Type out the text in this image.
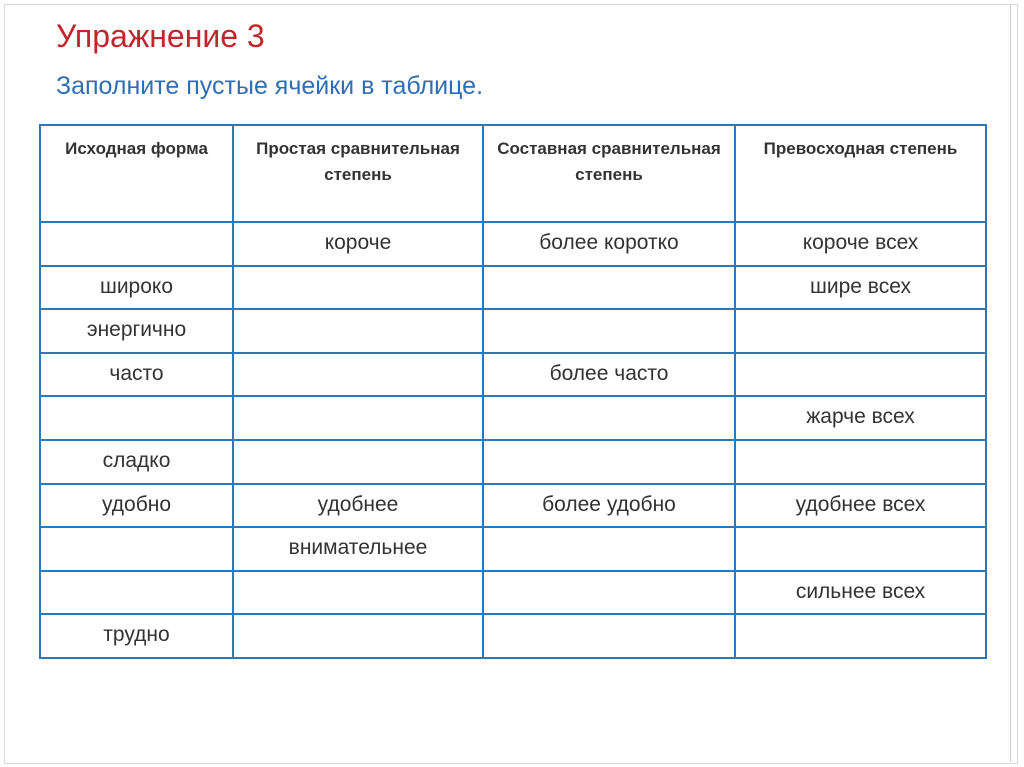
Упражнение 3
Заполните пустые ячейки в таблице.
Исходная форма	Простая сравнительная степень	Составная сравнительная степень	Превосходная степень
	короче	более коротко	короче всех
широко			шире всех
энергично			
часто		более часто	
			жарче всех
сладко			
удобно	удобнее	более удобно	удобнее всех
	внимательнее		
			сильнее всех
трудно			
